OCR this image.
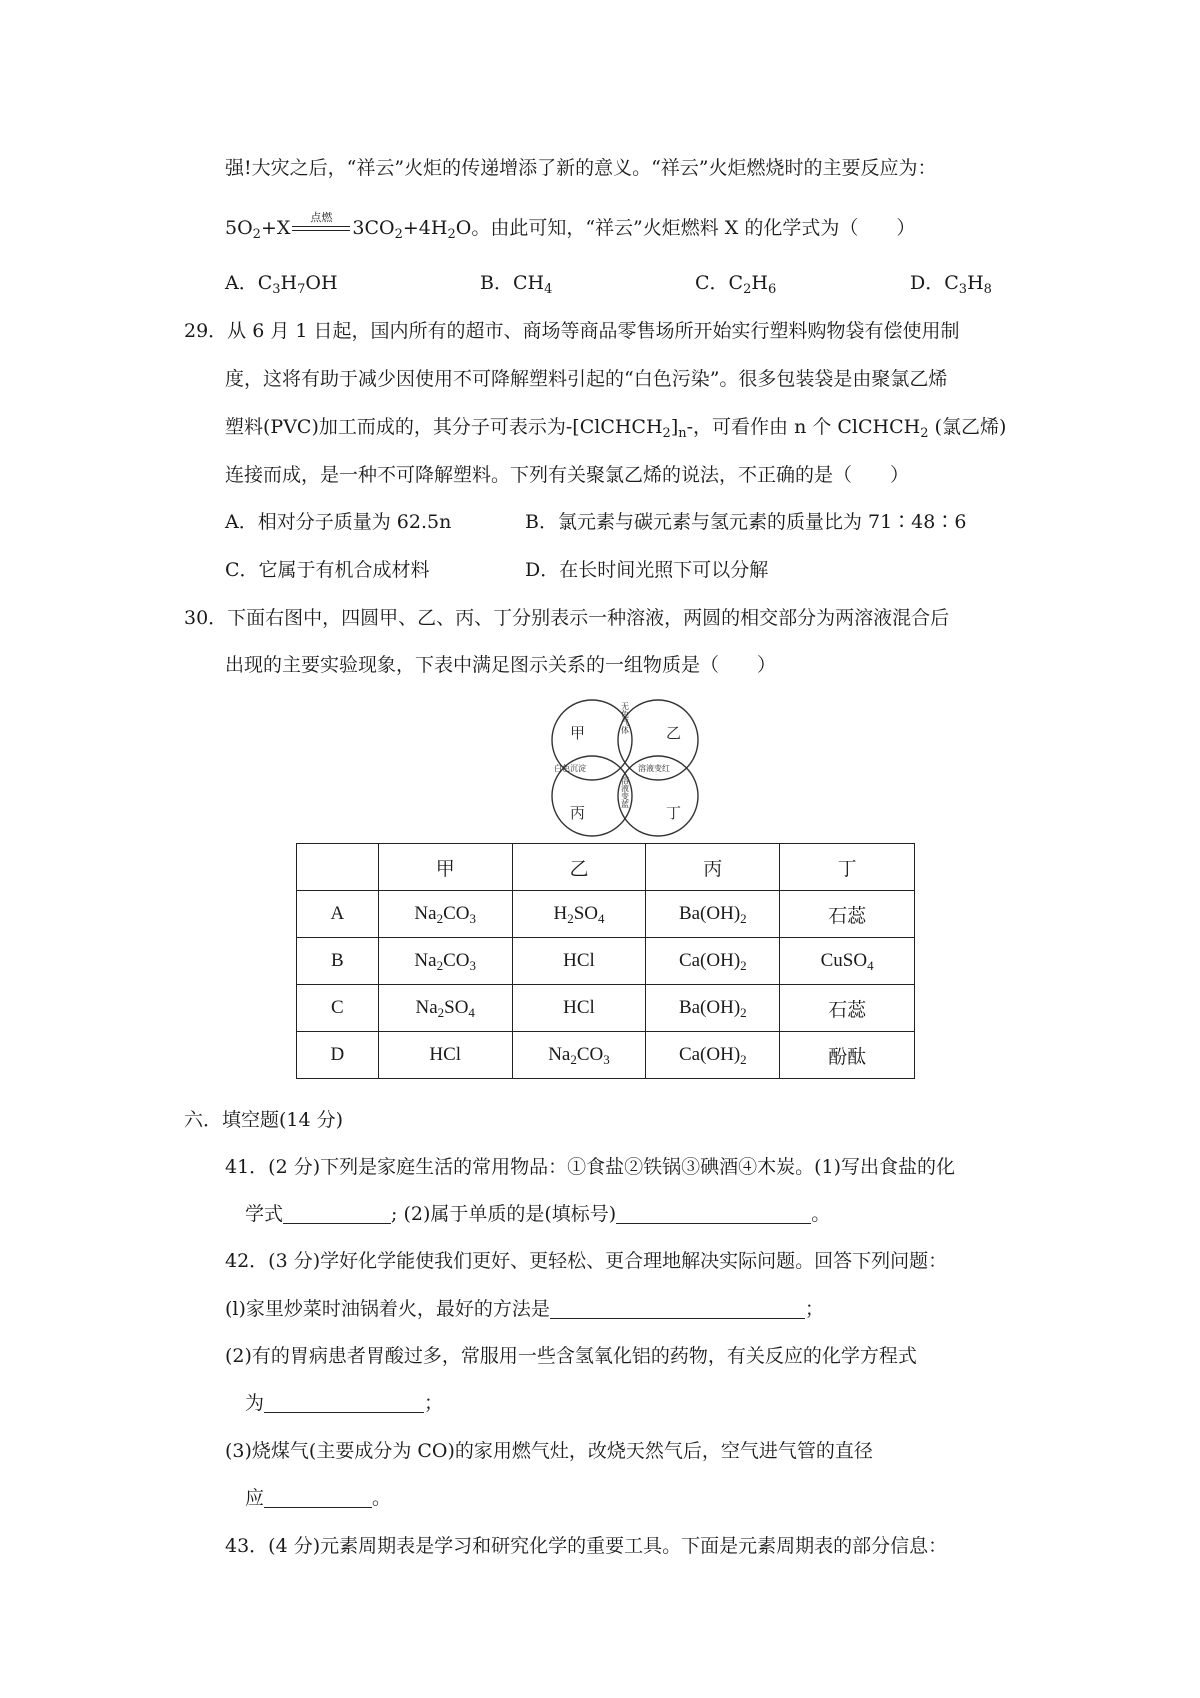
强!大灾之后，“祥云”火炬的传递增添了新的意义。“祥云”火炬燃烧时的主要反应为：
$5O_2+X$	点燃	$3CO_2+4H_2O$。由此可知，“祥云”火炬燃料 X 的化学式为（　　）
A．$C_3H_7OH$	B．$CH_4$	C．$C_2H_6$	D．$C_3H_8$
29．从 6 月 1 日起，国内所有的超市、商场等商品零售场所开始实行塑料购物袋有偿使用制
度，这将有助于减少因使用不可降解塑料引起的“白色污染”。很多包装袋是由聚氯乙烯
塑料(PVC)加工而成的，其分子可表示为$-[ClCHCH_2]_n-$，可看作由 n 个 ClCHCH$_2$ (氯乙烯)
连接而成，是一种不可降解塑料。下列有关聚氯乙烯的说法，不正确的是（　　）
A．相对分子质量为 62.5n	B．氯元素与碳元素与氢元素的质量比为 71∶48∶6
C．它属于有机合成材料	D．在长时间光照下可以分解
30．下面右图中，四圆甲、乙、丙、丁分别表示一种溶液，两圆的相交部分为两溶液混合后
出现的主要实验现象，下表中满足图示关系的一组物质是（　　）
甲	乙
丙	丁
无色气体
白色沉淀	溶液变红
溶液变蓝
	甲	乙	丙	丁
A	$Na_2CO_3$	$H_2SO_4$	$Ba(OH)_2$	石蕊
B	$Na_2CO_3$	HCl	$Ca(OH)_2$	CuSO$_4$
C	$Na_2SO_4$	HCl	$Ba(OH)_2$	石蕊
D	HCl	$Na_2CO_3$	$Ca(OH)_2$	酚酞
六．填空题(14 分)
41．(2 分)下列是家庭生活的常用物品：①食盐②铁锅③碘酒④木炭。(1)写出食盐的化
学式	; (2)属于单质的是(填标号)	。
42．(3 分)学好化学能使我们更好、更轻松、更合理地解决实际问题。回答下列问题：
(l)家里炒菜时油锅着火，最好的方法是	；
(2)有的胃病患者胃酸过多，常服用一些含氢氧化铝的药物，有关反应的化学方程式
为	；
(3)烧煤气(主要成分为 CO)的家用燃气灶，改烧天然气后，空气进气管的直径
应	。
43．(4 分)元素周期表是学习和研究化学的重要工具。下面是元素周期表的部分信息：
